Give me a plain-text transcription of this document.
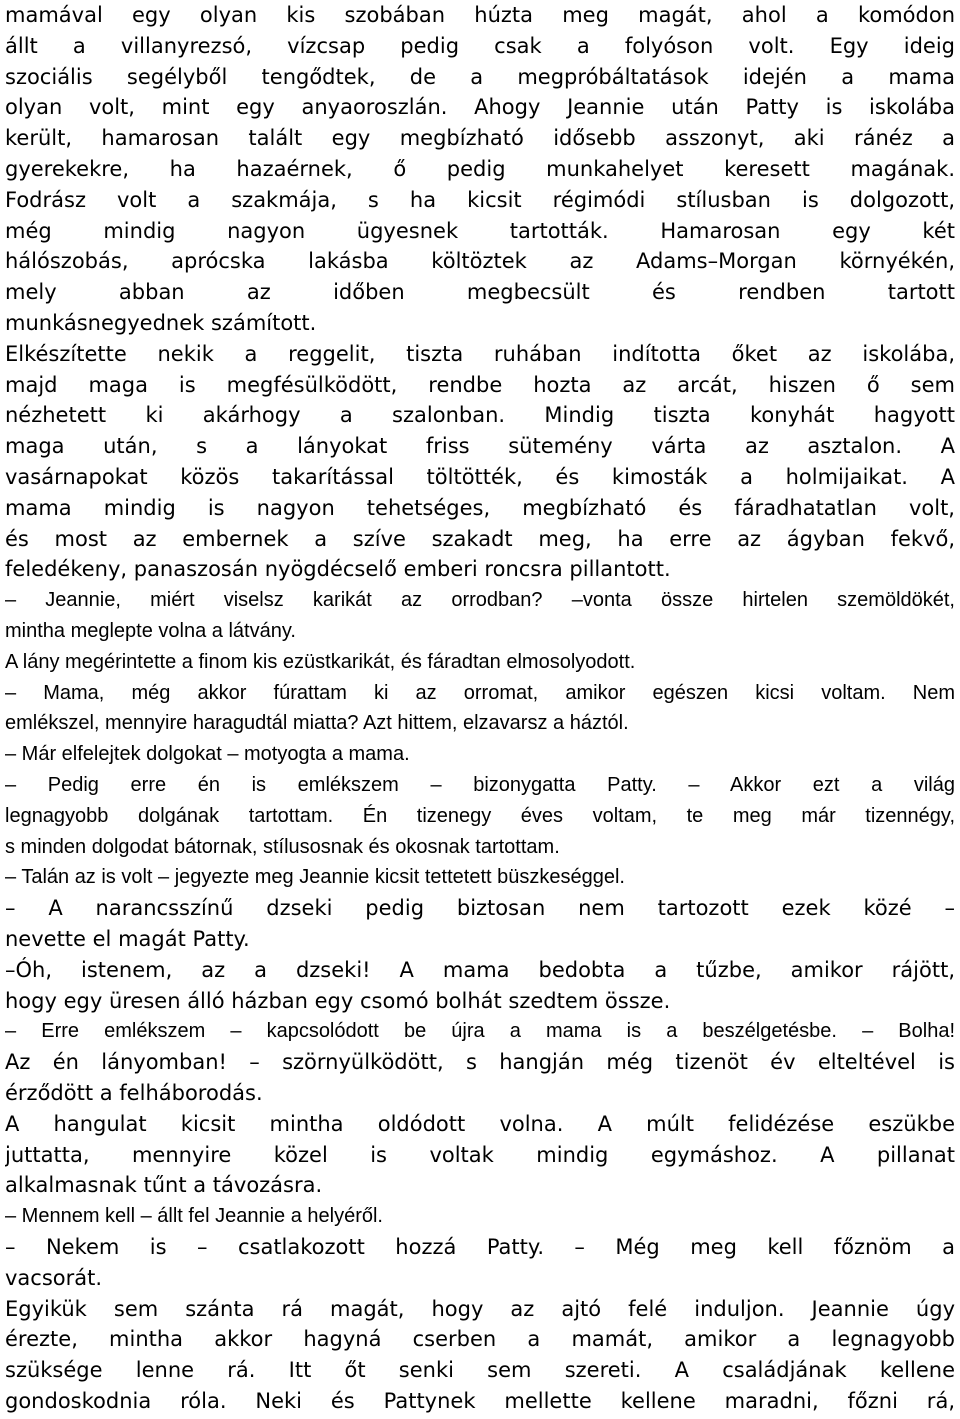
mamával egy olyan kis szobában húzta meg magát, ahol a komódon
állt a villanyrezsó, vízcsap pedig csak a folyóson volt. Egy ideig
szociális segélyből tengődtek, de a megpróbáltatások idején a mama
olyan volt, mint egy anyaoroszlán. Ahogy Jeannie után Patty is iskolába
került, hamarosan talált egy megbízható idősebb asszonyt, aki ránéz a
gyerekekre, ha hazaérnek, ő pedig munkahelyet keresett magának.
Fodrász volt a szakmája, s ha kicsit régimódi stílusban is dolgozott,
még mindig nagyon ügyesnek tartották. Hamarosan egy két
hálószobás, aprócska lakásba költöztek az Adams–Morgan környékén,
mely abban az időben megbecsült és rendben tartott
munkásnegyednek számított.
Elkészítette nekik a reggelit, tiszta ruhában indította őket az iskolába,
majd maga is megfésülködött, rendbe hozta az arcát, hiszen ő sem
nézhetett ki akárhogy a szalonban. Mindig tiszta konyhát hagyott
maga után, s a lányokat friss sütemény várta az asztalon. A
vasárnapokat közös takarítással töltötték, és kimosták a holmijaikat. A
mama mindig is nagyon tehetséges, megbízható és fáradhatatlan volt,
és most az embernek a szíve szakadt meg, ha erre az ágyban fekvő,
feledékeny, panaszosán nyögdécselő emberi roncsra pillantott.
– Jeannie, miért viselsz karikát az orrodban? –vonta össze hirtelen szemöldökét,
mintha meglepte volna a látvány.
A lány megérintette a finom kis ezüstkarikát, és fáradtan elmosolyodott.
– Mama, még akkor fúrattam ki az orromat, amikor egészen kicsi voltam. Nem
emlékszel, mennyire haragudtál miatta? Azt hittem, elzavarsz a háztól.
– Már elfelejtek dolgokat – motyogta a mama.
– Pedig erre én is emlékszem – bizonygatta Patty. – Akkor ezt a világ
legnagyobb dolgának tartottam. Én tizenegy éves voltam, te meg már tizennégy,
s minden dolgodat bátornak, stílusosnak és okosnak tartottam.
– Talán az is volt – jegyezte meg Jeannie kicsit tettetett büszkeséggel.
– A narancsszínű dzseki pedig biztosan nem tartozott ezek közé –
nevette el magát Patty.
–Óh, istenem, az a dzseki! A mama bedobta a tűzbe, amikor rájött,
hogy egy üresen álló házban egy csomó bolhát szedtem össze.
– Erre emlékszem – kapcsolódott be újra a mama is a beszélgetésbe. – Bolha!
Az én lányomban! – szörnyülködött, s hangján még tizenöt év elteltével is
érződött a felháborodás.
A hangulat kicsit mintha oldódott volna. A múlt felidézése eszükbe
juttatta, mennyire közel is voltak mindig egymáshoz. A pillanat
alkalmasnak tűnt a távozásra.
– Mennem kell – állt fel Jeannie a helyéről.
– Nekem is – csatlakozott hozzá Patty. – Még meg kell főznöm a
vacsorát.
Egyikük sem szánta rá magát, hogy az ajtó felé induljon. Jeannie úgy
érezte, mintha akkor hagyná cserben a mamát, amikor a legnagyobb
szüksége lenne rá. Itt őt senki sem szereti. A családjának kellene
gondoskodnia róla. Neki és Pattynek mellette kellene maradni, főzni rá,
